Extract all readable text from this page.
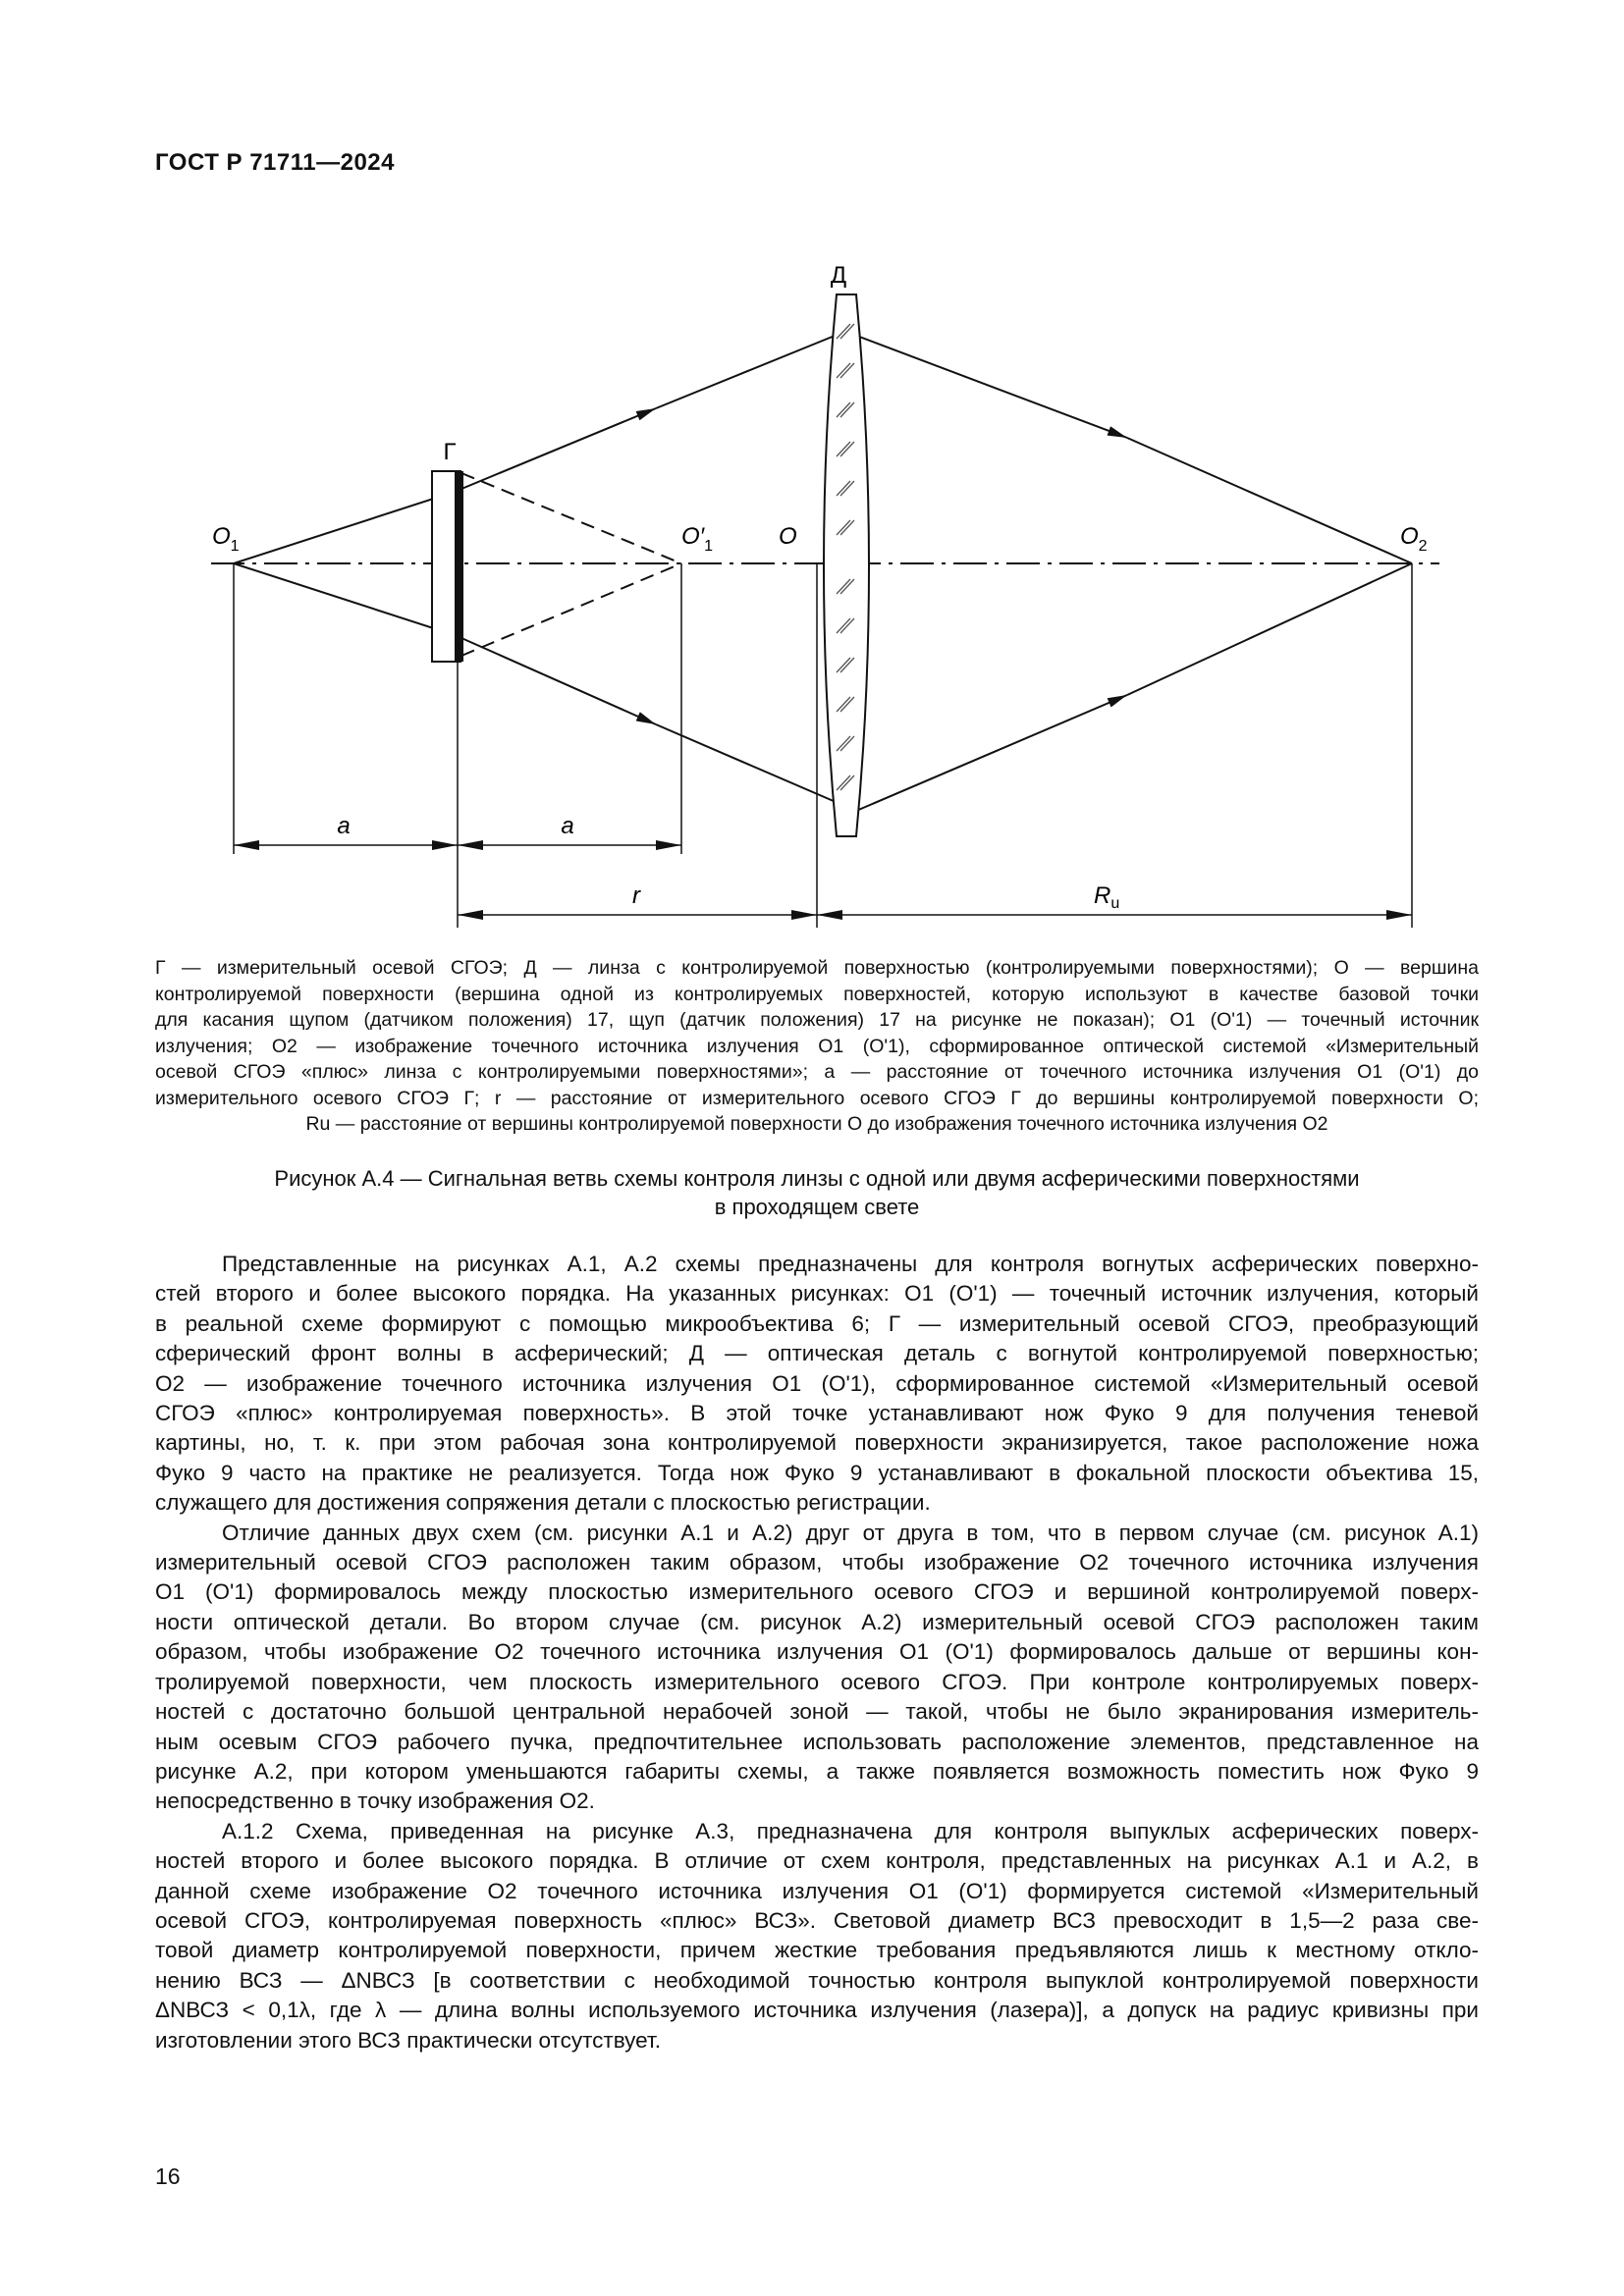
ГОСТ Р 71711—2024
Д
Г
$O_1$	$O'_1$	O	$O_2$
a	a
r	$R_u$
Г — измерительный осевой СГОЭ; Д — линза с контролируемой поверхностью (контролируемыми поверхностями); O — вершина
контролируемой поверхности (вершина одной из контролируемых поверхностей, которую используют в качестве базовой точки
для касания щупом (датчиком положения) 17, щуп (датчик положения) 17 на рисунке не показан); O1 (O'1) — точечный источник
излучения; O2 — изображение точечного источника излучения O1 (O'1), сформированное оптической системой «Измерительный
осевой СГОЭ «плюс» линза с контролируемыми поверхностями»; a — расстояние от точечного источника излучения O1 (O'1) до
измерительного осевого СГОЭ Г; r — расстояние от измерительного осевого СГОЭ Г до вершины контролируемой поверхности O;
Ru — расстояние от вершины контролируемой поверхности O до изображения точечного источника излучения O2
Рисунок А.4 — Сигнальная ветвь схемы контроля линзы с одной или двумя асферическими поверхностями
в проходящем свете
Представленные на рисунках А.1, А.2 схемы предназначены для контроля вогнутых асферических поверхно-
стей второго и более высокого порядка. На указанных рисунках: O1 (O'1) — точечный источник излучения, который
в реальной схеме формируют с помощью микрообъектива 6; Г — измерительный осевой СГОЭ, преобразующий
сферический фронт волны в асферический; Д — оптическая деталь с вогнутой контролируемой поверхностью;
O2 — изображение точечного источника излучения O1 (O'1), сформированное системой «Измерительный осевой
СГОЭ «плюс» контролируемая поверхность». В этой точке устанавливают нож Фуко 9 для получения теневой
картины, но, т. к. при этом рабочая зона контролируемой поверхности экранизируется, такое расположение ножа
Фуко 9 часто на практике не реализуется. Тогда нож Фуко 9 устанавливают в фокальной плоскости объектива 15,
служащего для достижения сопряжения детали с плоскостью регистрации.
Отличие данных двух схем (см. рисунки А.1 и А.2) друг от друга в том, что в первом случае (см. рисунок А.1)
измерительный осевой СГОЭ расположен таким образом, чтобы изображение O2 точечного источника излучения
O1 (O'1) формировалось между плоскостью измерительного осевого СГОЭ и вершиной контролируемой поверх-
ности оптической детали. Во втором случае (см. рисунок А.2) измерительный осевой СГОЭ расположен таким
образом, чтобы изображение O2 точечного источника излучения O1 (O'1) формировалось дальше от вершины кон-
тролируемой поверхности, чем плоскость измерительного осевого СГОЭ. При контроле контролируемых поверх-
ностей с достаточно большой центральной нерабочей зоной — такой, чтобы не было экранирования измеритель-
ным осевым СГОЭ рабочего пучка, предпочтительнее использовать расположение элементов, представленное на
рисунке А.2, при котором уменьшаются габариты схемы, а также появляется возможность поместить нож Фуко 9
непосредственно в точку изображения O2.
А.1.2 Схема, приведенная на рисунке А.3, предназначена для контроля выпуклых асферических поверх-
ностей второго и более высокого порядка. В отличие от схем контроля, представленных на рисунках А.1 и А.2, в
данной схеме изображение O2 точечного источника излучения O1 (O'1) формируется системой «Измерительный
осевой СГОЭ, контролируемая поверхность «плюс» ВСЗ». Световой диаметр ВСЗ превосходит в 1,5—2 раза све-
товой диаметр контролируемой поверхности, причем жесткие требования предъявляются лишь к местному откло-
нению ВСЗ — ΔNВСЗ [в соответствии с необходимой точностью контроля выпуклой контролируемой поверхности
ΔNВСЗ < 0,1λ, где λ — длина волны используемого источника излучения (лазера)], а допуск на радиус кривизны при
изготовлении этого ВСЗ практически отсутствует.
16
